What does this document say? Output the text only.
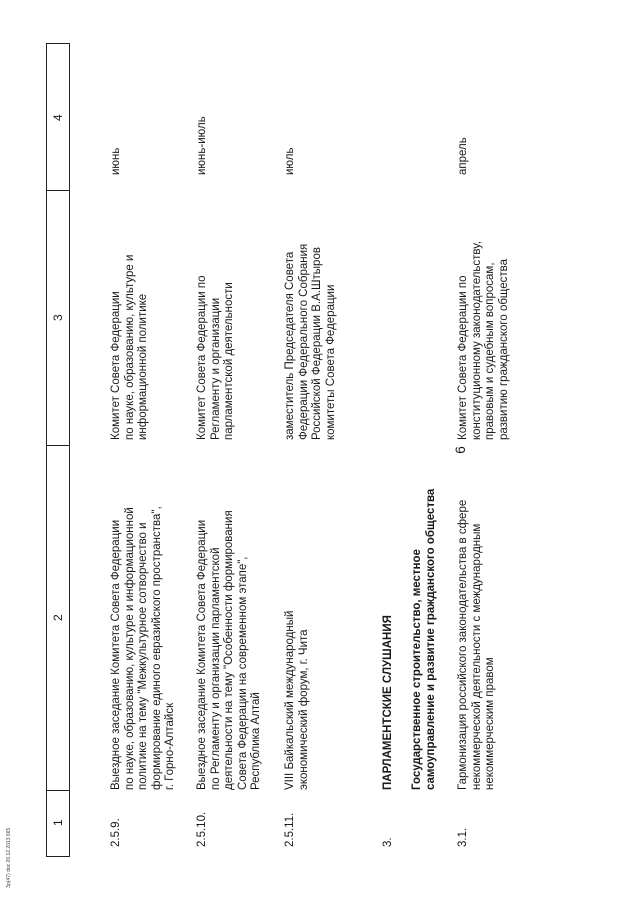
6
1
2
3
4
2.5.9.
Выездное заседание Комитета Совета Федерации
по науке, образованию, культуре и информационной
политике на тему "Межкультурное сотворчество и
формирование единого евразийского пространства",
г. Горно-Алтайск
Комитет Совета Федерации
по науке, образованию, культуре и
информационной политике
июнь
2.5.10.
Выездное заседание Комитета Совета Федерации
по Регламенту и организации парламентской
деятельности на тему "Особенности формирования
Совета Федерации на современном этапе",
Республика Алтай
Комитет Совета Федерации по
Регламенту и организации
парламентской деятельности
июнь-июль
2.5.11.
VIII Байкальский международный
экономический форум, г. Чита
заместитель Председателя Совета
Федерации Федерального Собрания
Российской Федерации В.А.Штыров
комитеты Совета Федерации
июль
3.
ПАРЛАМЕНТСКИЕ СЛУШАНИЯ Государственное строительство, местное
самоуправление и развитие гражданского общества
3.1.
Гармонизация российского законодательства в сфере
некоммерческой деятельности с международным
некоммерческим правом
Комитет Совета Федерации по
конституционному законодательству,
правовым и судебным вопросам,
развитию гражданского общества
апрель
Зр(47) doc 26.12.2013 665
